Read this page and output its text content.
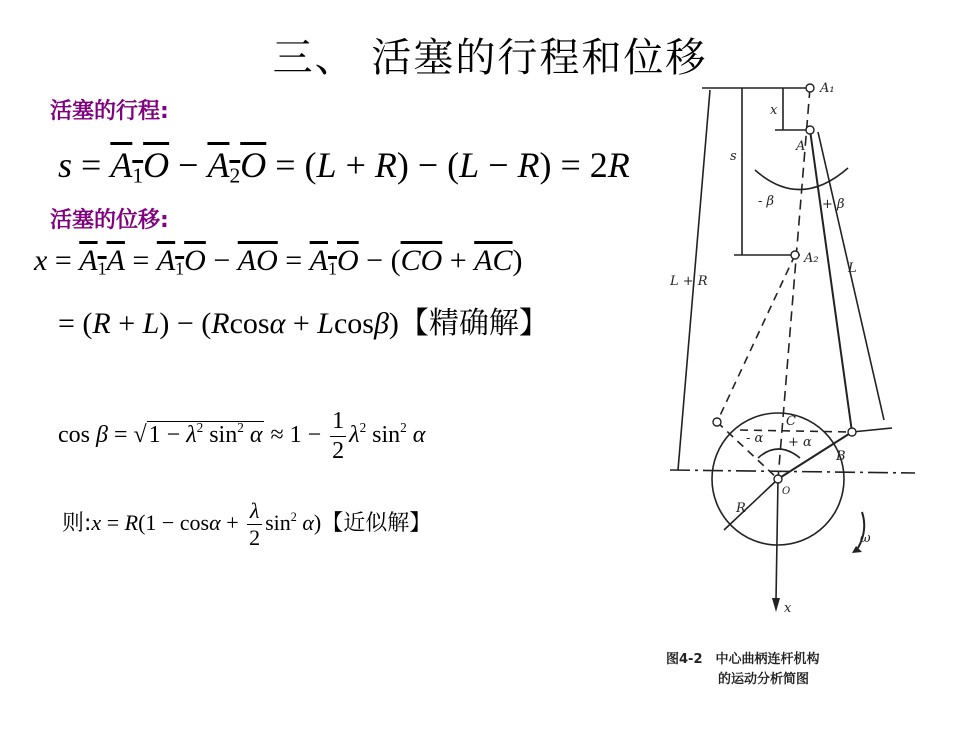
三、 活塞的行程和位移
活塞的行程:
s = A1O − A2O = (L + R) − (L − R) = 2R
活塞的位移:
$x = A1A = A1O - \overline{AO} = A1O - (\overline{CO} + \overline{AC})$
= (R + L) − (Rcosα + Lcosβ)【精确解】
$\cos \beta = √1 - \lambda^2$ $\sin^2 \alpha \approx 1 - \frac{1}{2} \lambda^2$ $\sin^2 \alpha$
则:x = $R(1 - \cos\alpha + \frac{\lambda}{2} \sin^2 \alpha)$【近似解】
A₁
A
A₂
x
s
- β	+ β
L + R
L
C
- α + α
B
O
R
ω
x
图4-2　中心曲柄连杆机构
的运动分析简图
